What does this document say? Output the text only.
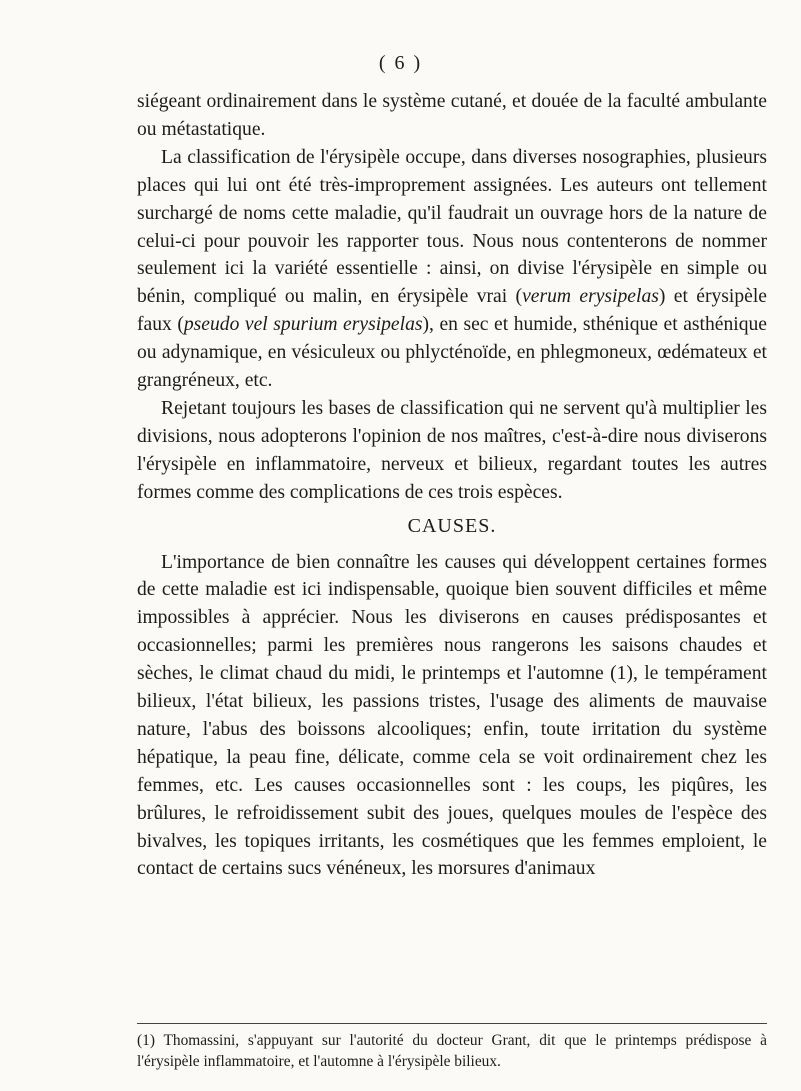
( 6 )

siégeant ordinairement dans le système cutané, et douée de la faculté ambulante ou métastatique.

La classification de l'érysipèle occupe, dans diverses nosographies, plusieurs places qui lui ont été très-improprement assignées. Les auteurs ont tellement surchargé de noms cette maladie, qu'il faudrait un ouvrage hors de la nature de celui-ci pour pouvoir les rapporter tous. Nous nous contenterons de nommer seulement ici la variété essentielle : ainsi, on divise l'érysipèle en simple ou bénin, compliqué ou malin, en érysipèle vrai (verum erysipelas) et érysipèle faux (pseudo vel spurium erysipelas), en sec et humide, sthénique et asthénique ou adynamique, en vésiculeux ou phlycténoïde, en phlegmoneux, œdémateux et grangréneux, etc.

Rejetant toujours les bases de classification qui ne servent qu'à multiplier les divisions, nous adopterons l'opinion de nos maîtres, c'est-à-dire nous diviserons l'érysipèle en inflammatoire, nerveux et bilieux, regardant toutes les autres formes comme des complications de ces trois espèces.

CAUSES.

L'importance de bien connaître les causes qui développent certaines formes de cette maladie est ici indispensable, quoique bien souvent difficiles et même impossibles à apprécier. Nous les diviserons en causes prédisposantes et occasionnelles; parmi les premières nous rangerons les saisons chaudes et sèches, le climat chaud du midi, le printemps et l'automne (1), le tempérament bilieux, l'état bilieux, les passions tristes, l'usage des aliments de mauvaise nature, l'abus des boissons alcooliques; enfin, toute irritation du système hépatique, la peau fine, délicate, comme cela se voit ordinairement chez les femmes, etc. Les causes occasionnelles sont : les coups, les piqûres, les brûlures, le refroidissement subit des joues, quelques moules de l'espèce des bivalves, les topiques irritants, les cosmétiques que les femmes emploient, le contact de certains sucs vénéneux, les morsures d'animaux

(1) Thomassini, s'appuyant sur l'autorité du docteur Grant, dit que le printemps prédispose à l'érysipèle inflammatoire, et l'automne à l'érysipèle bilieux.
